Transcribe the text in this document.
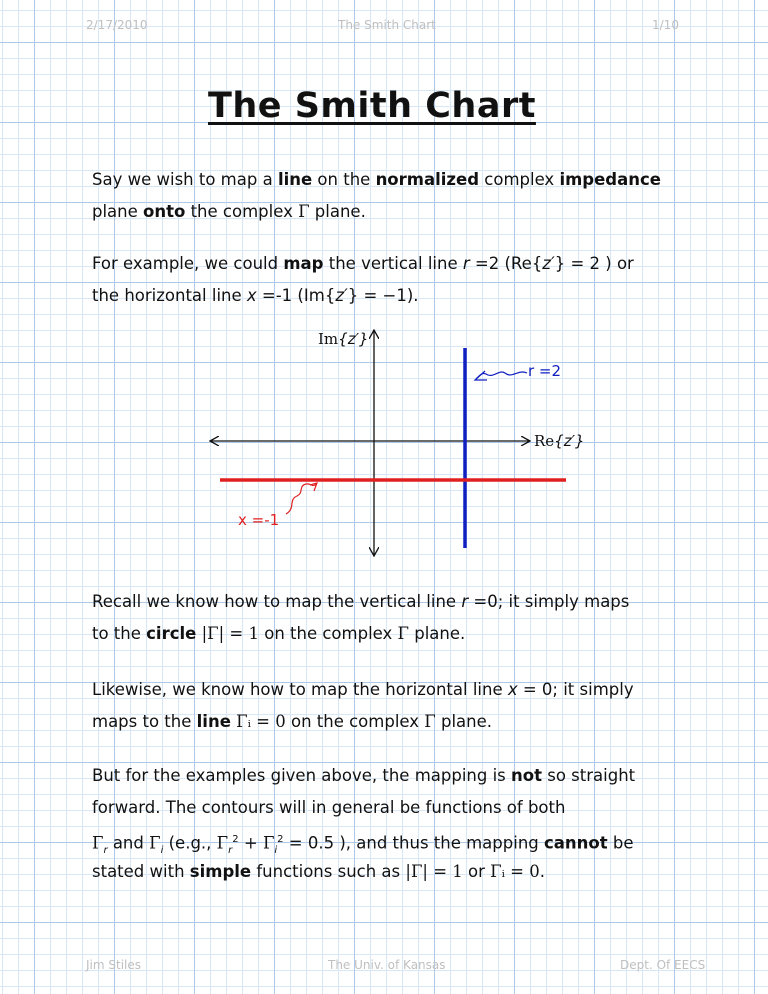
2/17/2010	The Smith Chart	1/10
The Smith Chart
Say we wish to map a line on the normalized complex impedance
plane onto the complex Γ plane.
For example, we could map the vertical line r =2 (Re{z′} = 2 ) or
the horizontal line x =-1 (Im{z′} = −1).
Im{z′}
Re{z′}
r =2
x =-1
Recall we know how to map the vertical line r =0; it simply maps
to the circle |Γ| = 1 on the complex Γ plane.
Likewise, we know how to map the horizontal line x = 0; it simply
maps to the line Γᵢ = 0 on the complex Γ plane.
But for the examples given above, the mapping is not so straight
forward. The contours will in general be functions of both
$\Gamma_r$ and $\Gamma_i$ (e.g., $\Gamma_r^2 + \Gamma_i^2 = 0.5$ ), and thus the mapping cannot be
stated with simple functions such as |Γ| = 1 or Γᵢ = 0.
Jim Stiles	The Univ. of Kansas	Dept. Of EECS
